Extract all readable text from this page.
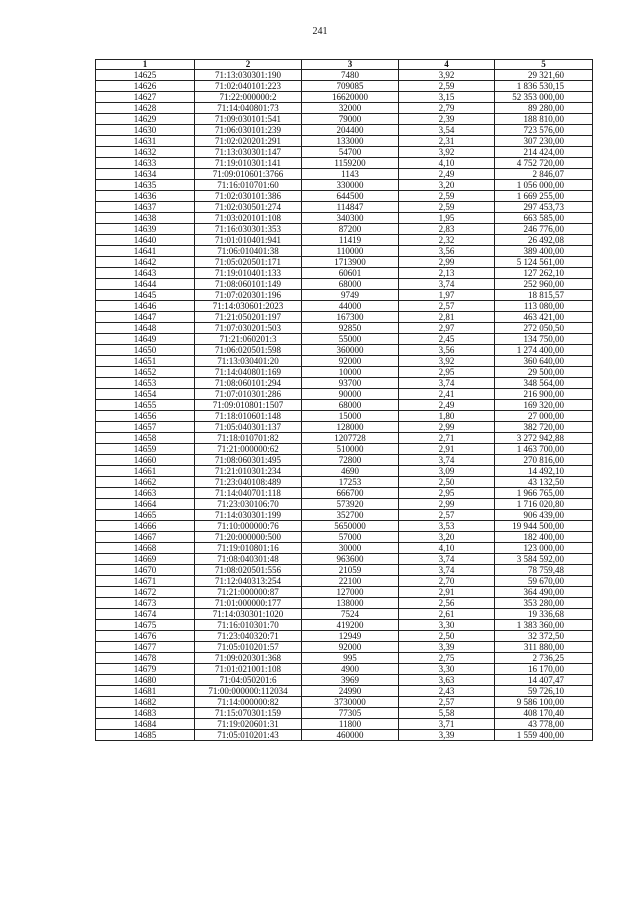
241
1	2	3	4	5
14625	71:13:030301:190	7480	3,92	29 321,60
14626	71:02:040101:223	709085	2,59	1 836 530,15
14627	71:22:000000:2	16620000	3,15	52 353 000,00
14628	71:14:040801:73	32000	2,79	89 280,00
14629	71:09:030101:541	79000	2,39	188 810,00
14630	71:06:030101:239	204400	3,54	723 576,00
14631	71:02:020201:291	133000	2,31	307 230,00
14632	71:13:030301:147	54700	3,92	214 424,00
14633	71:19:010301:141	1159200	4,10	4 752 720,00
14634	71:09:010601:3766	1143	2,49	2 846,07
14635	71:16:010701:60	330000	3,20	1 056 000,00
14636	71:02:030101:386	644500	2,59	1 669 255,00
14637	71:02:030501:274	114847	2,59	297 453,73
14638	71:03:020101:108	340300	1,95	663 585,00
14639	71:16:030301:353	87200	2,83	246 776,00
14640	71:01:010401:941	11419	2,32	26 492,08
14641	71:06:010401:38	110000	3,56	389 400,00
14642	71:05:020501:171	1713900	2,99	5 124 561,00
14643	71:19:010401:133	60601	2,13	127 262,10
14644	71:08:060101:149	68000	3,74	252 960,00
14645	71:07:020301:196	9749	1,97	18 815,57
14646	71:14:030601:2023	44000	2,57	113 080,00
14647	71:21:050201:197	167300	2,81	463 421,00
14648	71:07:030201:503	92850	2,97	272 050,50
14649	71:21:060201:3	55000	2,45	134 750,00
14650	71:06:020501:598	360000	3,56	1 274 400,00
14651	71:13:030401:20	92000	3,92	360 640,00
14652	71:14:040801:169	10000	2,95	29 500,00
14653	71:08:060101:294	93700	3,74	348 564,00
14654	71:07:010301:286	90000	2,41	216 900,00
14655	71:09:010801:1507	68000	2,49	169 320,00
14656	71:18:010601:148	15000	1,80	27 000,00
14657	71:05:040301:137	128000	2,99	382 720,00
14658	71:18:010701:82	1207728	2,71	3 272 942,88
14659	71:21:000000:62	510000	2,91	1 463 700,00
14660	71:08:060301:495	72800	3,74	270 816,00
14661	71:21:010301:234	4690	3,09	14 492,10
14662	71:23:040108:489	17253	2,50	43 132,50
14663	71:14:040701:118	666700	2,95	1 966 765,00
14664	71:23:030106:70	573920	2,99	1 716 020,80
14665	71:14:030301:199	352700	2,57	906 439,00
14666	71:10:000000:76	5650000	3,53	19 944 500,00
14667	71:20:000000:500	57000	3,20	182 400,00
14668	71:19:010801:16	30000	4,10	123 000,00
14669	71:08:040301:48	963600	3,74	3 584 592,00
14670	71:08:020501:556	21059	3,74	78 759,48
14671	71:12:040313:254	22100	2,70	59 670,00
14672	71:21:000000:87	127000	2,91	364 490,00
14673	71:01:000000:177	138000	2,56	353 280,00
14674	71:14:030301:1020	7524	2,61	19 336,68
14675	71:16:010301:70	419200	3,30	1 383 360,00
14676	71:23:040320:71	12949	2,50	32 372,50
14677	71:05:010201:57	92000	3,39	311 880,00
14678	71:09:020301:368	995	2,75	2 736,25
14679	71:01:021001:108	4900	3,30	16 170,00
14680	71:04:050201:6	3969	3,63	14 407,47
14681	71:00:000000:112034	24990	2,43	59 726,10
14682	71:14:000000:82	3730000	2,57	9 586 100,00
14683	71:15:070301:159	77305	5,58	408 170,40
14684	71:19:020601:31	11800	3,71	43 778,00
14685	71:05:010201:43	460000	3,39	1 559 400,00
